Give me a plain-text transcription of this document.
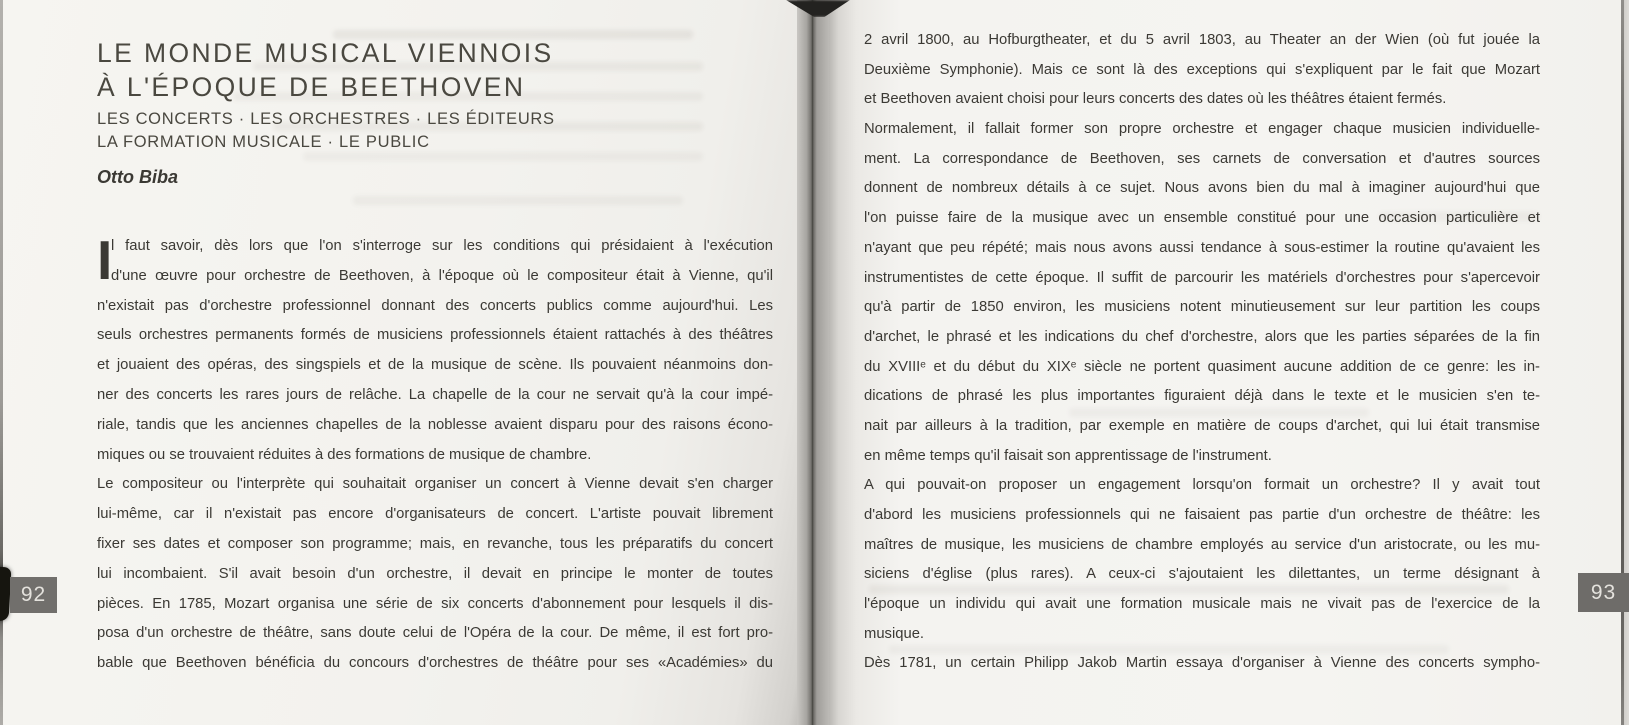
LE MONDE MUSICAL VIENNOIS
À L'ÉPOQUE DE BEETHOVEN
LES CONCERTS · LES ORCHESTRES · LES ÉDITEURS
LA FORMATION MUSICALE · LE PUBLIC
Otto Biba
I
l faut savoir, dès lors que l'on s'interroge sur les conditions qui présidaient à l'exécution
d'une œuvre pour orchestre de Beethoven, à l'époque où le compositeur était à Vienne, qu'il
n'existait pas d'orchestre professionnel donnant des concerts publics comme aujourd'hui. Les
seuls orchestres permanents formés de musiciens professionnels étaient rattachés à des théâtres
et jouaient des opéras, des singspiels et de la musique de scène. Ils pouvaient néanmoins don-
ner des concerts les rares jours de relâche. La chapelle de la cour ne servait qu'à la cour impé-
riale, tandis que les anciennes chapelles de la noblesse avaient disparu pour des raisons écono-
miques ou se trouvaient réduites à des formations de musique de chambre.
Le compositeur ou l'interprète qui souhaitait organiser un concert à Vienne devait s'en charger
lui-même, car il n'existait pas encore d'organisateurs de concert. L'artiste pouvait librement
fixer ses dates et composer son programme; mais, en revanche, tous les préparatifs du concert
lui incombaient. S'il avait besoin d'un orchestre, il devait en principe le monter de toutes
pièces. En 1785, Mozart organisa une série de six concerts d'abonnement pour lesquels il dis-
posa d'un orchestre de théâtre, sans doute celui de l'Opéra de la cour. De même, il est fort pro-
bable que Beethoven bénéficia du concours d'orchestres de théâtre pour ses «Académies» du
2 avril 1800, au Hofburgtheater, et du 5 avril 1803, au Theater an der Wien (où fut jouée la
Deuxième Symphonie). Mais ce sont là des exceptions qui s'expliquent par le fait que Mozart
et Beethoven avaient choisi pour leurs concerts des dates où les théâtres étaient fermés.
Normalement, il fallait former son propre orchestre et engager chaque musicien individuelle-
ment. La correspondance de Beethoven, ses carnets de conversation et d'autres sources
donnent de nombreux détails à ce sujet. Nous avons bien du mal à imaginer aujourd'hui que
l'on puisse faire de la musique avec un ensemble constitué pour une occasion particulière et
n'ayant que peu répété; mais nous avons aussi tendance à sous-estimer la routine qu'avaient les
instrumentistes de cette époque. Il suffit de parcourir les matériels d'orchestres pour s'apercevoir
qu'à partir de 1850 environ, les musiciens notent minutieusement sur leur partition les coups
d'archet, le phrasé et les indications du chef d'orchestre, alors que les parties séparées de la fin
du XVIIIᵉ et du début du XIXᵉ siècle ne portent quasiment aucune addition de ce genre: les in-
dications de phrasé les plus importantes figuraient déjà dans le texte et le musicien s'en te-
nait par ailleurs à la tradition, par exemple en matière de coups d'archet, qui lui était transmise
en même temps qu'il faisait son apprentissage de l'instrument.
A qui pouvait-on proposer un engagement lorsqu'on formait un orchestre? Il y avait tout
d'abord les musiciens professionnels qui ne faisaient pas partie d'un orchestre de théâtre: les
maîtres de musique, les musiciens de chambre employés au service d'un aristocrate, ou les mu-
siciens d'église (plus rares). A ceux-ci s'ajoutaient les dilettantes, un terme désignant à
l'époque un individu qui avait une formation musicale mais ne vivait pas de l'exercice de la
musique.
Dès 1781, un certain Philipp Jakob Martin essaya d'organiser à Vienne des concerts sympho-
92	93
